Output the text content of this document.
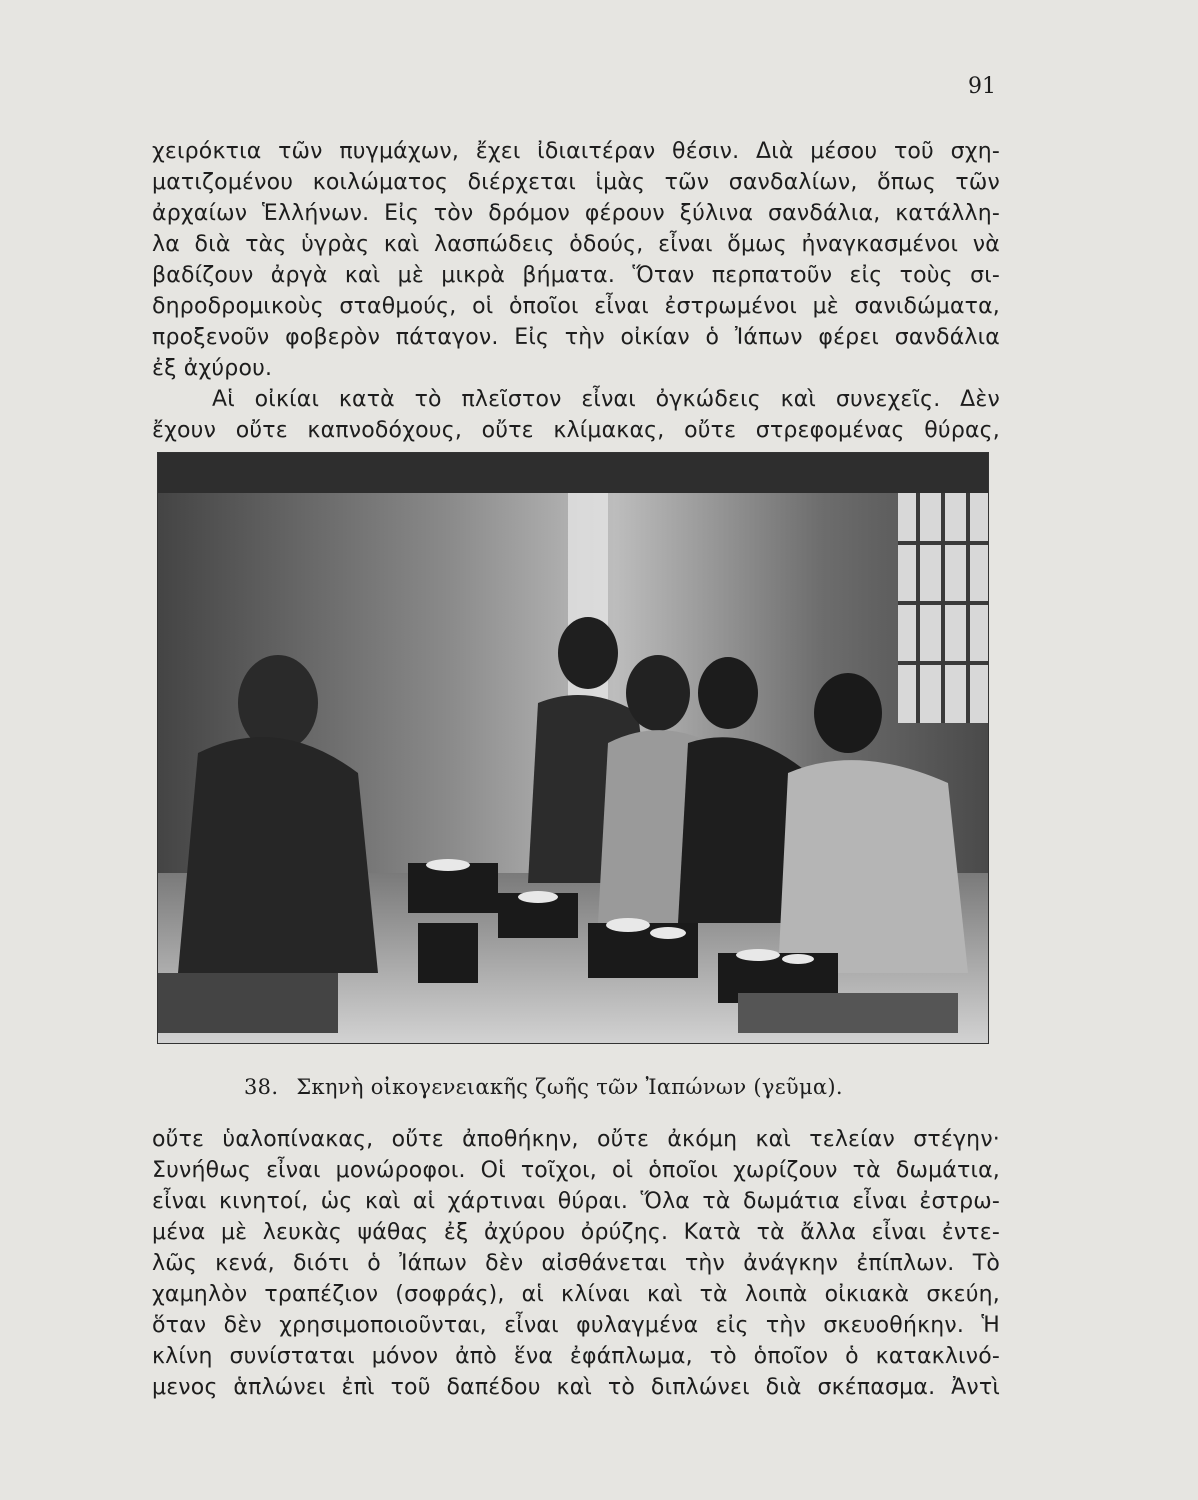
91
χειρόκτια τῶν πυγμάχων, ἔχει ἰδιαιτέραν θέσιν. Διὰ μέσου τοῦ σχη-
ματιζομένου κοιλώματος διέρχεται ἱμὰς τῶν σανδαλίων, ὅπως τῶν
ἀρχαίων Ἑλλήνων. Εἰς τὸν δρόμον φέρουν ξύλινα σανδάλια, κατάλλη-
λα διὰ τὰς ὑγρὰς καὶ λασπώδεις ὁδούς, εἶναι ὅμως ἠναγκασμένοι νὰ
βαδίζουν ἀργὰ καὶ μὲ μικρὰ βήματα. Ὅταν περπατοῦν εἰς τοὺς σι-
δηροδρομικοὺς σταθμούς, οἱ ὁποῖοι εἶναι ἐστρωμένοι μὲ σανιδώματα,
προξενοῦν φοβερὸν πάταγον. Εἰς τὴν οἰκίαν ὁ Ἰάπων φέρει σανδάλια
ἐξ ἀχύρου.
Αἱ οἰκίαι κατὰ τὸ πλεῖστον εἶναι ὀγκώδεις καὶ συνεχεῖς. Δὲν
ἔχουν οὔτε καπνοδόχους, οὔτε κλίμακας, οὔτε στρεφομένας θύρας,
38. Σκηνὴ οἰκογενειακῆς ζωῆς τῶν Ἰαπώνων (γεῦμα).
οὔτε ὑαλοπίνακας, οὔτε ἀποθήκην, οὔτε ἀκόμη καὶ τελείαν στέγην·
Συνήθως εἶναι μονώροφοι. Οἱ τοῖχοι, οἱ ὁποῖοι χωρίζουν τὰ δωμάτια,
εἶναι κινητοί, ὡς καὶ αἱ χάρτιναι θύραι. Ὅλα τὰ δωμάτια εἶναι ἐστρω-
μένα μὲ λευκὰς ψάθας ἐξ ἀχύρου ὀρύζης. Κατὰ τὰ ἄλλα εἶναι ἐντε-
λῶς κενά, διότι ὁ Ἰάπων δὲν αἰσθάνεται τὴν ἀνάγκην ἐπίπλων. Τὸ
χαμηλὸν τραπέζιον (σοφράς), αἱ κλίναι καὶ τὰ λοιπὰ οἰκιακὰ σκεύη,
ὅταν δὲν χρησιμοποιοῦνται, εἶναι φυλαγμένα εἰς τὴν σκευοθήκην. Ἡ
κλίνη συνίσταται μόνον ἀπὸ ἕνα ἐφάπλωμα, τὸ ὁποῖον ὁ κατακλινό-
μενος ἁπλώνει ἐπὶ τοῦ δαπέδου καὶ τὸ διπλώνει διὰ σκέπασμα. Ἀντὶ
